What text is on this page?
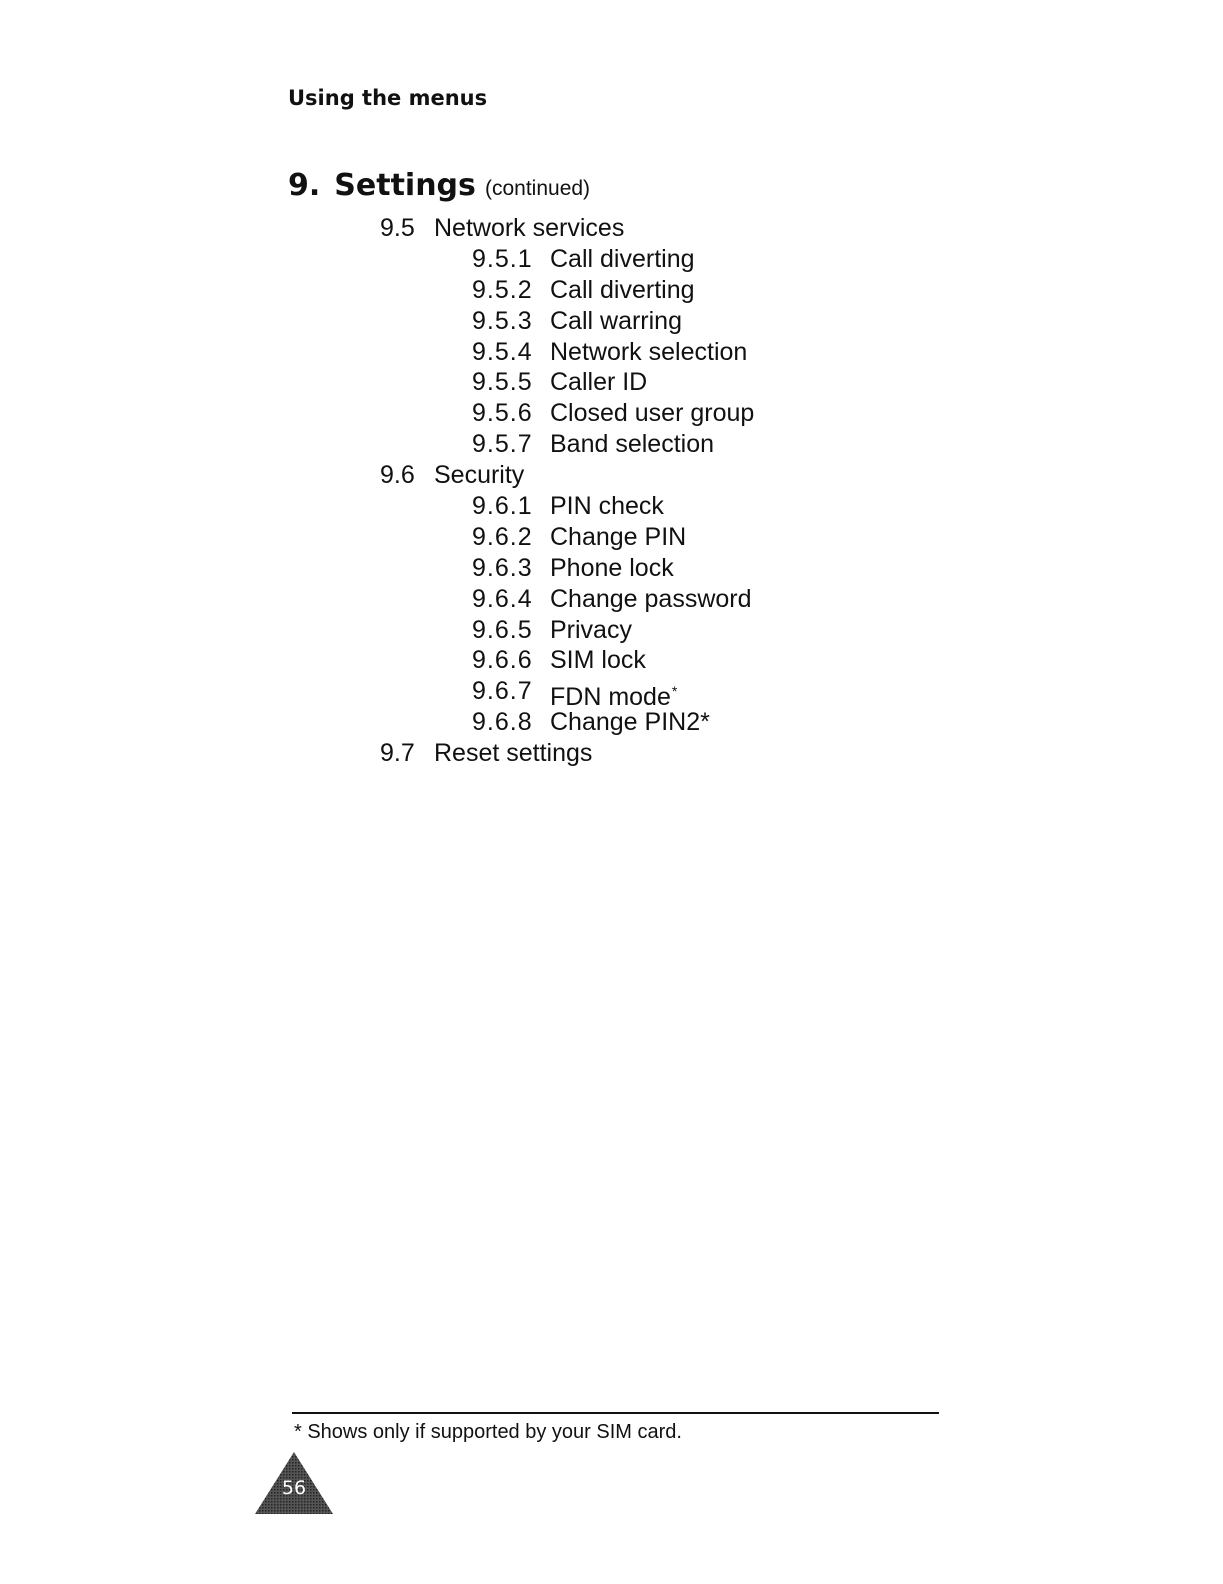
Using the menus
9. Settings (continued)
9.5 Network services
9.5.1 Call diverting
9.5.2 Call diverting
9.5.3 Call warring
9.5.4 Network selection
9.5.5 Caller ID
9.5.6 Closed user group
9.5.7 Band selection
9.6 Security
9.6.1 PIN check
9.6.2 Change PIN
9.6.3 Phone lock
9.6.4 Change password
9.6.5 Privacy
9.6.6 SIM lock
9.6.7 FDN mode*
9.6.8 Change PIN2*
9.7 Reset settings
* Shows only if supported by your SIM card.
56
